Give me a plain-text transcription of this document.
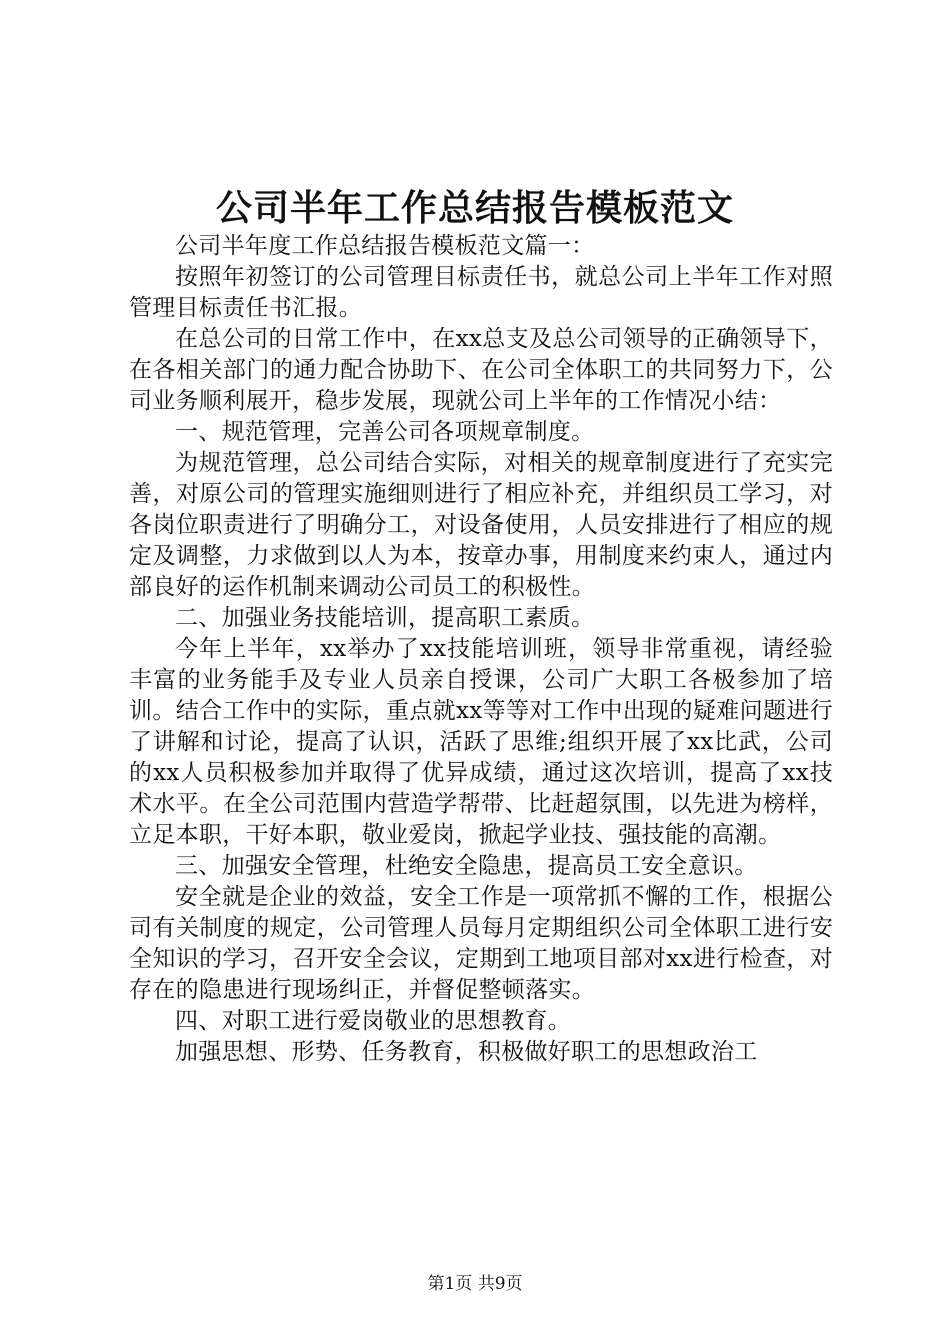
公司半年工作总结报告模板范文

公司半年度工作总结报告模板范文篇一：

按照年初签订的公司管理目标责任书，就总公司上半年工作对照管理目标责任书汇报。

在总公司的日常工作中，在xx总支及总公司领导的正确领导下，在各相关部门的通力配合协助下、在公司全体职工的共同努力下，公司业务顺利展开，稳步发展，现就公司上半年的工作情况小结：

一、规范管理，完善公司各项规章制度。

为规范管理，总公司结合实际，对相关的规章制度进行了充实完善，对原公司的管理实施细则进行了相应补充，并组织员工学习，对各岗位职责进行了明确分工，对设备使用，人员安排进行了相应的规定及调整，力求做到以人为本，按章办事，用制度来约束人，通过内部良好的运作机制来调动公司员工的积极性。

二、加强业务技能培训，提高职工素质。

今年上半年，xx举办了xx技能培训班，领导非常重视，请经验丰富的业务能手及专业人员亲自授课，公司广大职工各极参加了培训。结合工作中的实际，重点就xx等等对工作中出现的疑难问题进行了讲解和讨论，提高了认识，活跃了思维;组织开展了xx比武，公司的xx人员积极参加并取得了优异成绩，通过这次培训，提高了xx技术水平。在全公司范围内营造学帮带、比赶超氛围，以先进为榜样，立足本职，干好本职，敬业爱岗，掀起学业技、强技能的高潮。

三、加强安全管理，杜绝安全隐患，提高员工安全意识。

安全就是企业的效益，安全工作是一项常抓不懈的工作，根据公司有关制度的规定，公司管理人员每月定期组织公司全体职工进行安全知识的学习，召开安全会议，定期到工地项目部对xx进行检查，对存在的隐患进行现场纠正，并督促整顿落实。

四、对职工进行爱岗敬业的思想教育。

加强思想、形势、任务教育，积极做好职工的思想政治工

第1页 共9页
